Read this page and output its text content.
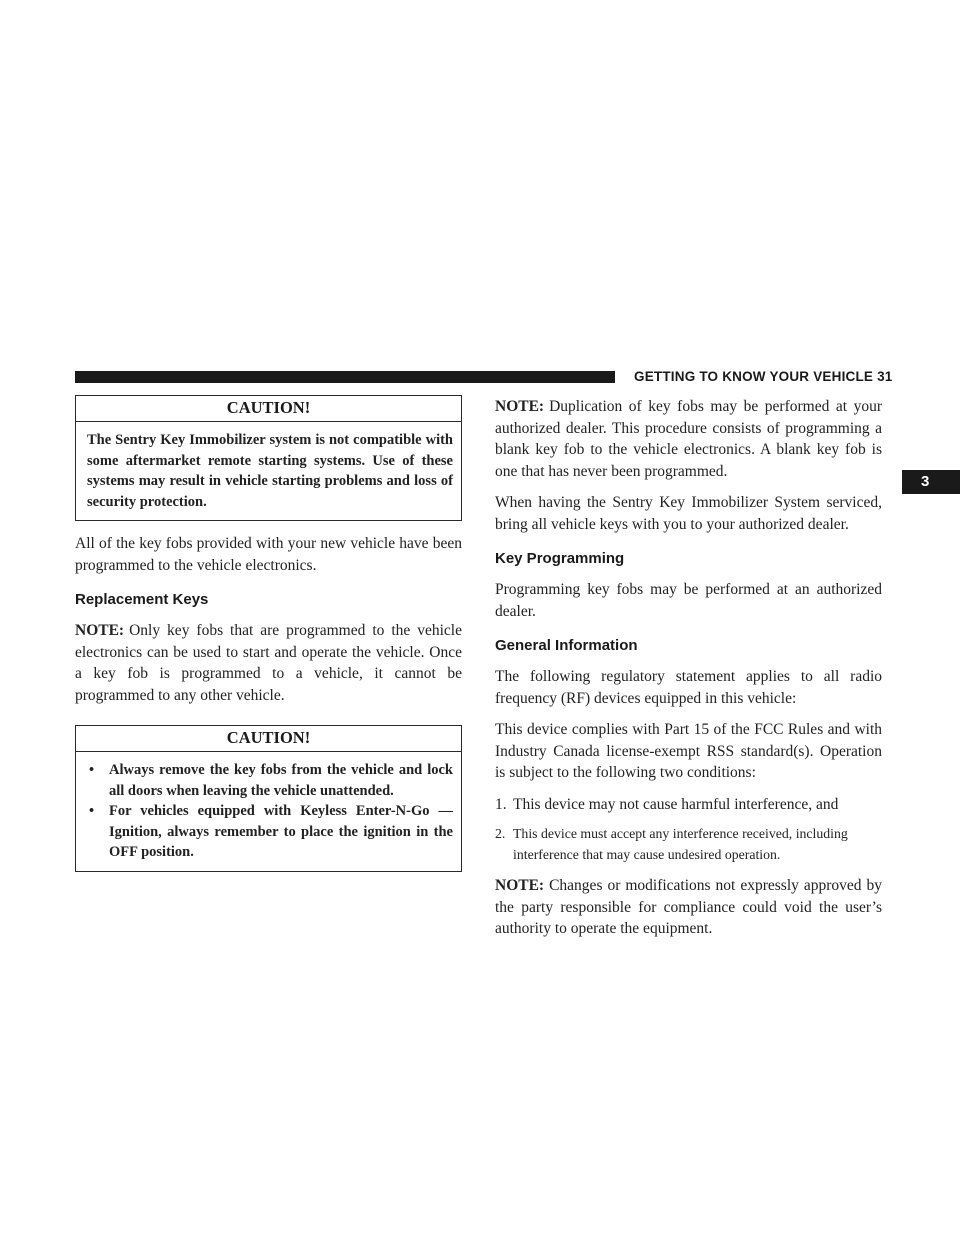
GETTING TO KNOW YOUR VEHICLE 31
3
CAUTION!
The Sentry Key Immobilizer system is not compatible with some aftermarket remote starting systems. Use of these systems may result in vehicle starting problems and loss of security protection.

All of the key fobs provided with your new vehicle have been programmed to the vehicle electronics.

Replacement Keys

NOTE: Only key fobs that are programmed to the vehicle electronics can be used to start and operate the vehicle. Once a key fob is programmed to a vehicle, it cannot be programmed to any other vehicle.

CAUTION!
• Always remove the key fobs from the vehicle and lock all doors when leaving the vehicle unattended.
• For vehicles equipped with Keyless Enter-N-Go — Ignition, always remember to place the ignition in the OFF position.

NOTE: Duplication of key fobs may be performed at your authorized dealer. This procedure consists of programming a blank key fob to the vehicle electronics. A blank key fob is one that has never been programmed.

When having the Sentry Key Immobilizer System serviced, bring all vehicle keys with you to your authorized dealer.

Key Programming

Programming key fobs may be performed at an authorized dealer.

General Information

The following regulatory statement applies to all radio frequency (RF) devices equipped in this vehicle:

This device complies with Part 15 of the FCC Rules and with Industry Canada license-exempt RSS standard(s). Operation is subject to the following two conditions:

1. This device may not cause harmful interference, and
2. This device must accept any interference received, including interference that may cause undesired operation.

NOTE: Changes or modifications not expressly approved by the party responsible for compliance could void the user’s authority to operate the equipment.
